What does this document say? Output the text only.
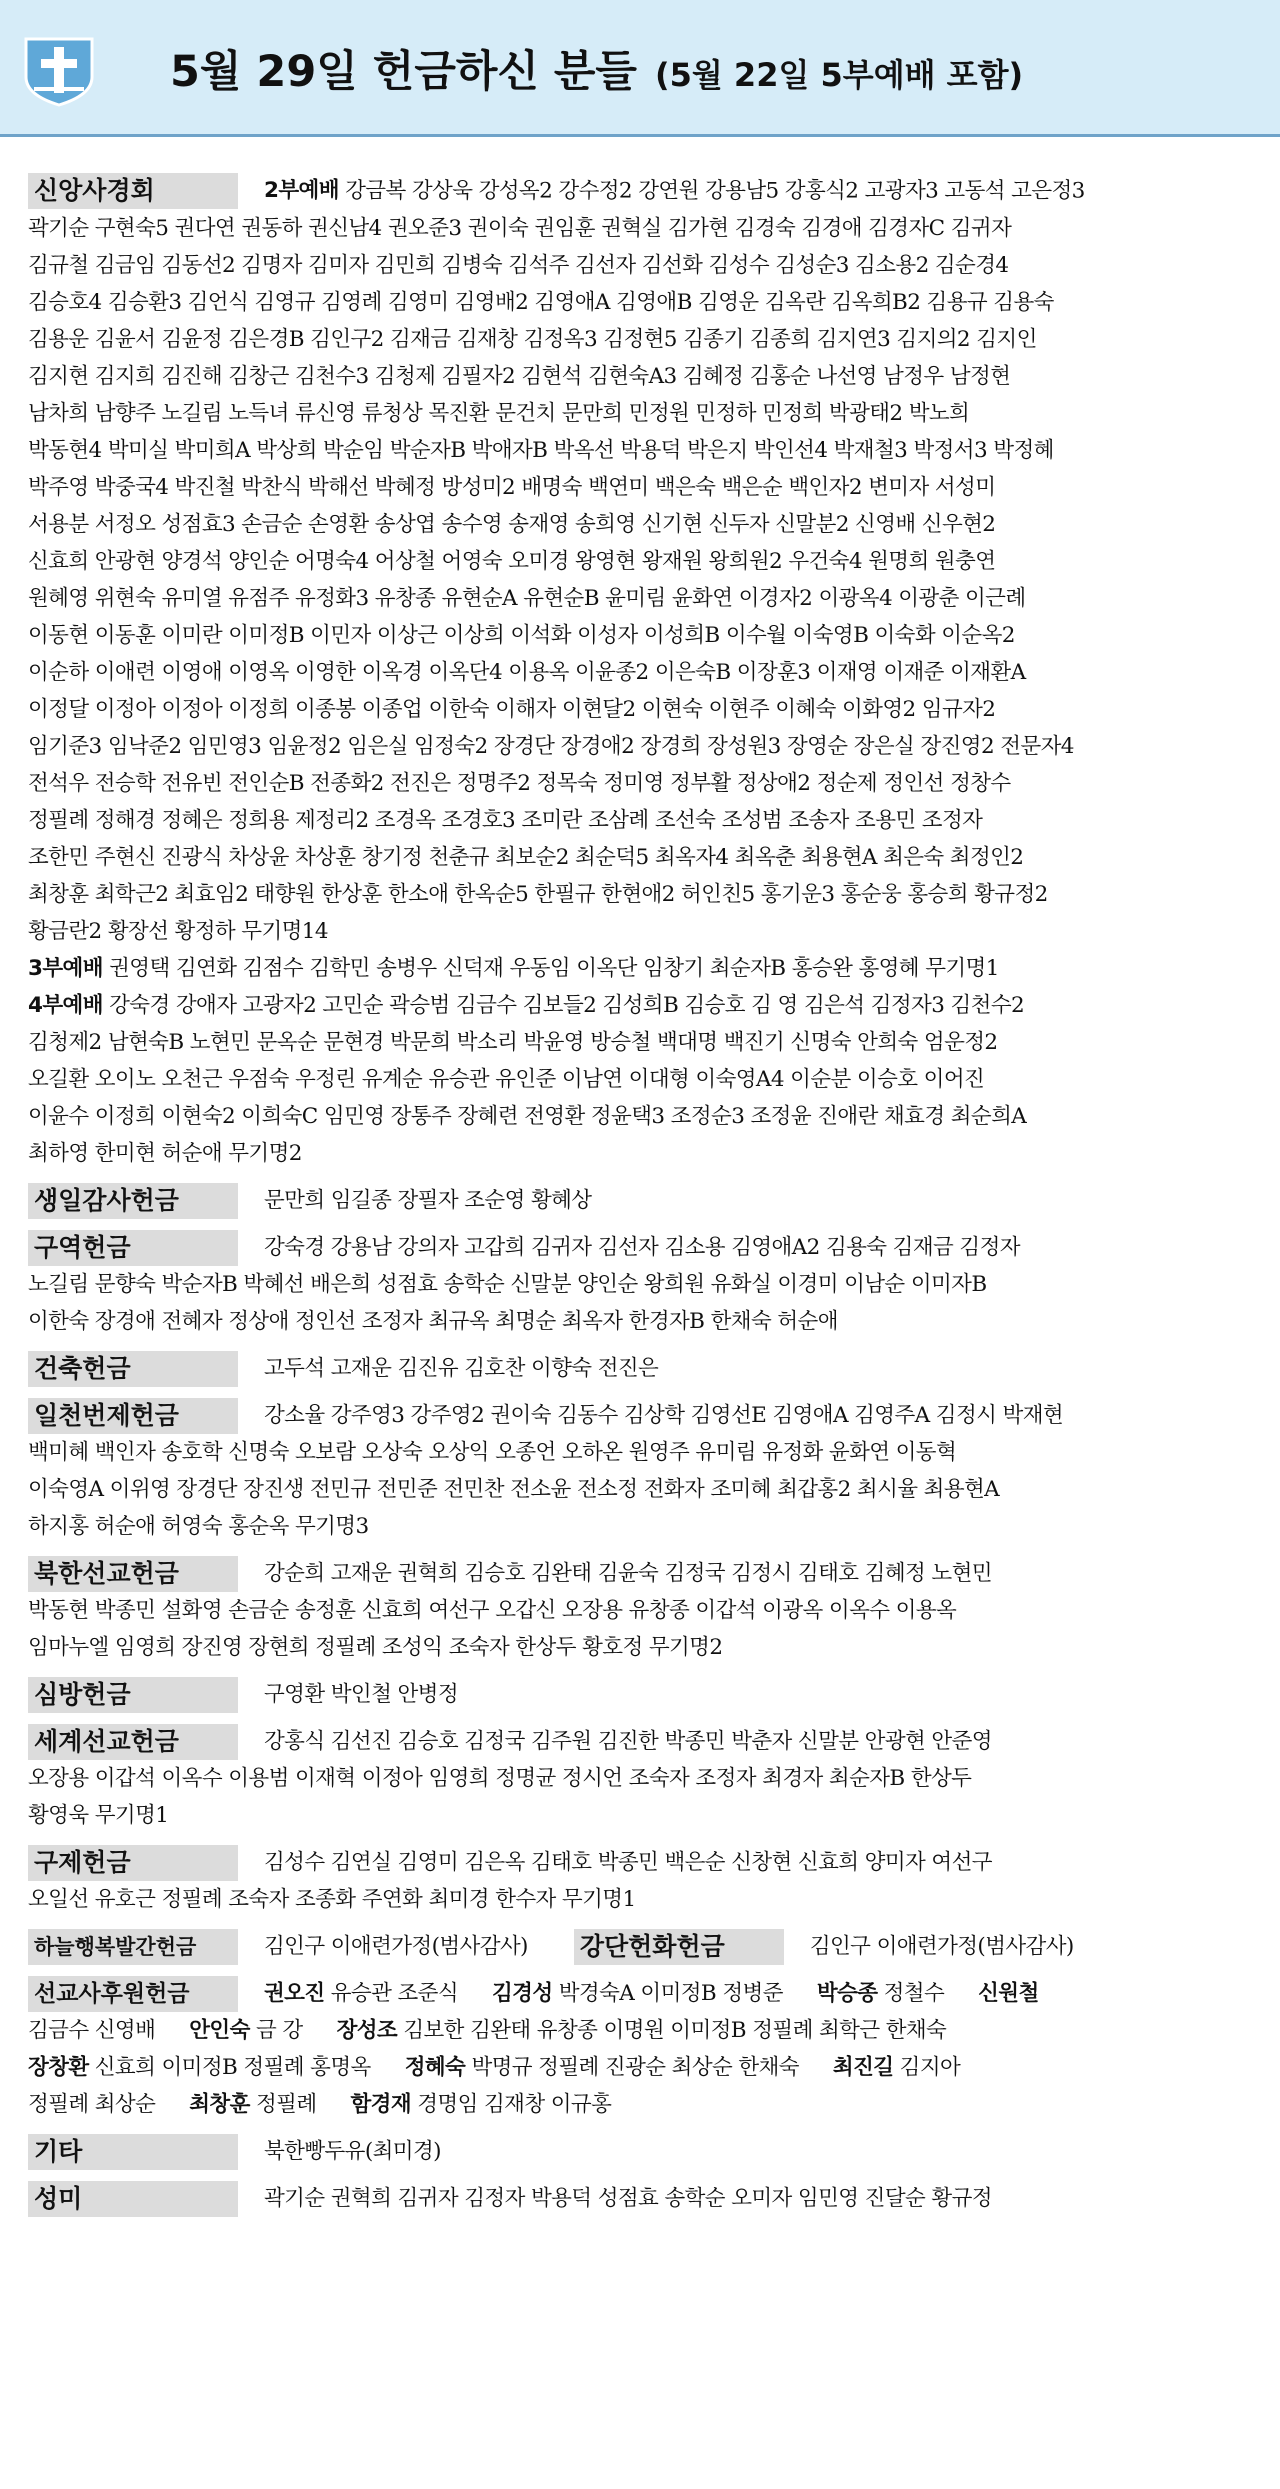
5월 29일 헌금하신 분들 (5월 22일 5부예배 포함)
신앙사경회	2부예배 강금복 강상욱 강성옥2 강수정2 강연원 강용남5 강홍식2 고광자3 고동석 고은정3
곽기순 구현숙5 권다연 권동하 권신남4 권오준3 권이숙 권임훈 권혁실 김가현 김경숙 김경애 김경자C 김귀자
김규철 김금임 김동선2 김명자 김미자 김민희 김병숙 김석주 김선자 김선화 김성수 김성순3 김소용2 김순경4
김승호4 김승환3 김언식 김영규 김영례 김영미 김영배2 김영애A 김영애B 김영운 김옥란 김옥희B2 김용규 김용숙
김용운 김윤서 김윤정 김은경B 김인구2 김재금 김재창 김정옥3 김정현5 김종기 김종희 김지연3 김지의2 김지인
김지현 김지희 김진해 김창근 김천수3 김청제 김필자2 김현석 김현숙A3 김혜정 김홍순 나선영 남정우 남정현
남차희 남향주 노길림 노득녀 류신영 류청상 목진환 문건치 문만희 민정원 민정하 민정희 박광태2 박노희
박동현4 박미실 박미희A 박상희 박순임 박순자B 박애자B 박옥선 박용덕 박은지 박인선4 박재철3 박정서3 박정혜
박주영 박중국4 박진철 박찬식 박해선 박혜정 방성미2 배명숙 백연미 백은숙 백은순 백인자2 변미자 서성미
서용분 서정오 성점효3 손금순 손영환 송상엽 송수영 송재영 송희영 신기현 신두자 신말분2 신영배 신우현2
신효희 안광현 양경석 양인순 어명숙4 어상철 어영숙 오미경 왕영현 왕재원 왕희원2 우건숙4 원명희 원충연
원혜영 위현숙 유미열 유점주 유정화3 유창종 유현순A 유현순B 윤미림 윤화연 이경자2 이광옥4 이광춘 이근례
이동현 이동훈 이미란 이미정B 이민자 이상근 이상희 이석화 이성자 이성희B 이수월 이숙영B 이숙화 이순옥2
이순하 이애련 이영애 이영옥 이영한 이옥경 이옥단4 이용옥 이윤종2 이은숙B 이장훈3 이재영 이재준 이재환A
이정달 이정아 이정아 이정희 이종봉 이종업 이한숙 이해자 이현달2 이현숙 이현주 이혜숙 이화영2 임규자2
임기준3 임낙준2 임민영3 임윤정2 임은실 임정숙2 장경단 장경애2 장경희 장성원3 장영순 장은실 장진영2 전문자4
전석우 전승학 전유빈 전인순B 전종화2 전진은 정명주2 정목숙 정미영 정부활 정상애2 정순제 정인선 정창수
정필례 정해경 정혜은 정희용 제정리2 조경옥 조경호3 조미란 조삼례 조선숙 조성범 조송자 조용민 조정자
조한민 주현신 진광식 차상윤 차상훈 창기정 천춘규 최보순2 최순덕5 최옥자4 최옥춘 최용현A 최은숙 최정인2
최창훈 최학근2 최효임2 태향원 한상훈 한소애 한옥순5 한필규 한현애2 허인친5 홍기운3 홍순웅 홍승희 황규정2
황금란2 황장선 황정하 무기명14
3부예배 권영택 김연화 김점수 김학민 송병우 신덕재 우동임 이옥단 임창기 최순자B 홍승완 홍영혜 무기명1
4부예배 강숙경 강애자 고광자2 고민순 곽승범 김금수 김보들2 김성희B 김승호 김 영 김은석 김정자3 김천수2
김청제2 남현숙B 노현민 문옥순 문현경 박문희 박소리 박윤영 방승철 백대명 백진기 신명숙 안희숙 엄운정2
오길환 오이노 오천근 우점숙 우정린 유계순 유승관 유인준 이남연 이대형 이숙영A4 이순분 이승호 이어진
이윤수 이정희 이현숙2 이희숙C 임민영 장통주 장혜련 전영환 정윤택3 조정순3 조정윤 진애란 채효경 최순희A
최하영 한미현 허순애 무기명2
생일감사헌금	문만희 임길종 장필자 조순영 황혜상
구역헌금	강숙경 강용남 강의자 고갑희 김귀자 김선자 김소용 김영애A2 김용숙 김재금 김정자
노길림 문향숙 박순자B 박혜선 배은희 성점효 송학순 신말분 양인순 왕희원 유화실 이경미 이남순 이미자B
이한숙 장경애 전혜자 정상애 정인선 조정자 최규옥 최명순 최옥자 한경자B 한채숙 허순애
건축헌금	고두석 고재운 김진유 김호찬 이향숙 전진은
일천번제헌금	강소율 강주영3 강주영2 권이숙 김동수 김상학 김영선E 김영애A 김영주A 김정시 박재현
백미혜 백인자 송호학 신명숙 오보람 오상숙 오상익 오종언 오하온 원영주 유미림 유정화 윤화연 이동혁
이숙영A 이위영 장경단 장진생 전민규 전민준 전민찬 전소윤 전소정 전화자 조미혜 최갑홍2 최시율 최용현A
하지홍 허순애 허영숙 홍순옥 무기명3
북한선교헌금	강순희 고재운 권혁희 김승호 김완태 김윤숙 김정국 김정시 김태호 김혜정 노현민
박동현 박종민 설화영 손금순 송정훈 신효희 여선구 오갑신 오장용 유창종 이갑석 이광옥 이옥수 이용옥
임마누엘 임영희 장진영 장현희 정필례 조성익 조숙자 한상두 황호정 무기명2
심방헌금	구영환 박인철 안병정
세계선교헌금	강홍식 김선진 김승호 김정국 김주원 김진한 박종민 박춘자 신말분 안광현 안준영
오장용 이갑석 이옥수 이용범 이재혁 이정아 임영희 정명균 정시언 조숙자 조정자 최경자 최순자B 한상두
황영욱 무기명1
구제헌금	김성수 김연실 김영미 김은옥 김태호 박종민 백은순 신창현 신효희 양미자 여선구
오일선 유호근 정필례 조숙자 조종화 주연화 최미경 한수자 무기명1
하늘행복발간헌금	김인구 이애련가정(범사감사) 강단헌화헌금	김인구 이애련가정(범사감사)
선교사후원헌금	권오진 유승관 조준식 김경성 박경숙A 이미정B 정병준 박승종 정철수 신원철
김금수 신영배 안인숙 금 강 장성조 김보한 김완태 유창종 이명원 이미정B 정필례 최학근 한채숙
장창환 신효희 이미정B 정필례 홍명옥 정혜숙 박명규 정필례 진광순 최상순 한채숙 최진길 김지아
정필례 최상순 최창훈 정필례 함경재 경명임 김재창 이규홍
기타	북한빵두유(최미경)
성미	곽기순 권혁희 김귀자 김정자 박용덕 성점효 송학순 오미자 임민영 진달순 황규정
